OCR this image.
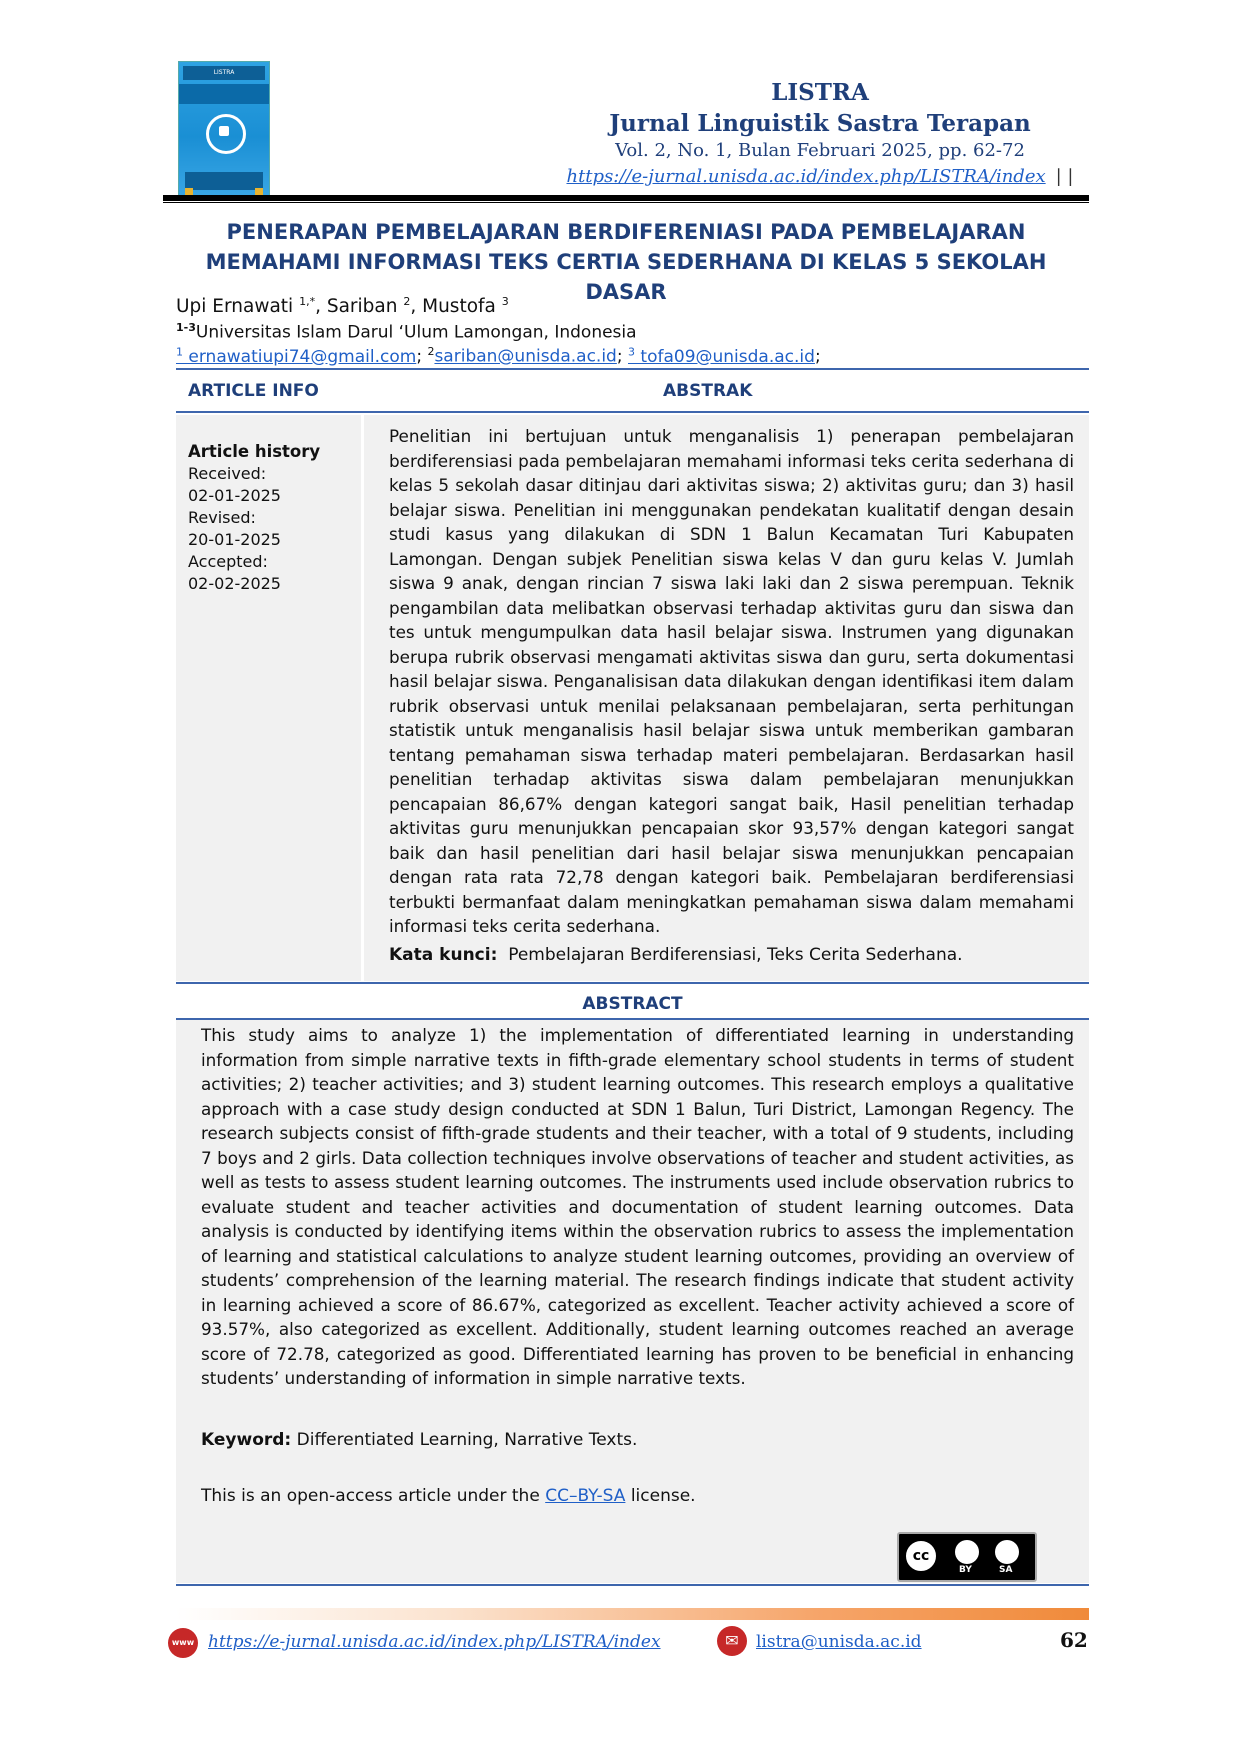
LISTRA
LISTRA
Jurnal Linguistik Sastra Terapan
Vol. 2, No. 1, Bulan Februari 2025, pp. 62-72
https://e-jurnal.unisda.ac.id/index.php/LISTRA/index | |
PENERAPAN PEMBELAJARAN BERDIFERENIASI PADA PEMBELAJARAN
MEMAHAMI INFORMASI TEKS CERTIA SEDERHANA DI KELAS 5 SEKOLAH DASAR
Upi Ernawati $^{1,*}$, Sariban $^2$, Mustofa $^3$
$^{1-3}$Universitas Islam Darul ‘Ulum Lamongan, Indonesia
$^1$ ernawatiupi74@gmail.com; $^2$sariban@unisda.ac.id; $^3$ tofa09@unisda.ac.id;
ARTICLE INFO	ABSTRAK
Article history
Received:
02-01-2025
Revised:
20-01-2025
Accepted:
02-02-2025
Penelitian ini bertujuan untuk menganalisis 1) penerapan pembelajaran berdiferensiasi pada pembelajaran memahami informasi teks cerita sederhana di kelas 5 sekolah dasar ditinjau dari aktivitas siswa; 2) aktivitas guru; dan 3) hasil belajar siswa. Penelitian ini menggunakan pendekatan kualitatif dengan desain studi kasus yang dilakukan di SDN 1 Balun Kecamatan Turi Kabupaten Lamongan. Dengan subjek Penelitian siswa kelas V dan guru kelas V. Jumlah siswa 9 anak, dengan rincian 7 siswa laki laki dan 2 siswa perempuan. Teknik pengambilan data melibatkan observasi terhadap aktivitas guru dan siswa dan tes untuk mengumpulkan data hasil belajar siswa. Instrumen yang digunakan berupa rubrik observasi mengamati aktivitas siswa dan guru, serta dokumentasi hasil belajar siswa. Penganalisisan data dilakukan dengan identifikasi item dalam rubrik observasi untuk menilai pelaksanaan pembelajaran, serta perhitungan statistik untuk menganalisis hasil belajar siswa untuk memberikan gambaran tentang pemahaman siswa terhadap materi pembelajaran. Berdasarkan hasil penelitian terhadap aktivitas siswa dalam pembelajaran menunjukkan pencapaian 86,67% dengan kategori sangat baik, Hasil penelitian terhadap aktivitas guru menunjukkan pencapaian skor 93,57% dengan kategori sangat baik dan hasil penelitian dari hasil belajar siswa menunjukkan pencapaian dengan rata rata 72,78 dengan kategori baik. Pembelajaran berdiferensiasi terbukti bermanfaat dalam meningkatkan pemahaman siswa dalam memahami informasi teks cerita sederhana.
Kata kunci: Pembelajaran Berdiferensiasi, Teks Cerita Sederhana.
ABSTRACT
This study aims to analyze 1) the implementation of differentiated learning in understanding information from simple narrative texts in fifth-grade elementary school students in terms of student activities; 2) teacher activities; and 3) student learning outcomes. This research employs a qualitative approach with a case study design conducted at SDN 1 Balun, Turi District, Lamongan Regency. The research subjects consist of fifth-grade students and their teacher, with a total of 9 students, including 7 boys and 2 girls. Data collection techniques involve observations of teacher and student activities, as well as tests to assess student learning outcomes. The instruments used include observation rubrics to evaluate student and teacher activities and documentation of student learning outcomes. Data analysis is conducted by identifying items within the observation rubrics to assess the implementation of learning and statistical calculations to analyze student learning outcomes, providing an overview of students’ comprehension of the learning material. The research findings indicate that student activity in learning achieved a score of 86.67%, categorized as excellent. Teacher activity achieved a score of 93.57%, also categorized as excellent. Additionally, student learning outcomes reached an average score of 72.78, categorized as good. Differentiated learning has proven to be beneficial in enhancing students’ understanding of information in simple narrative texts.
Keyword: Differentiated Learning, Narrative Texts.
This is an open-access article under the CC–BY-SA license.
cc
BY	SA
www https://e-jurnal.unisda.ac.id/index.php/LISTRA/index	✉	listra@unisda.ac.id	62
